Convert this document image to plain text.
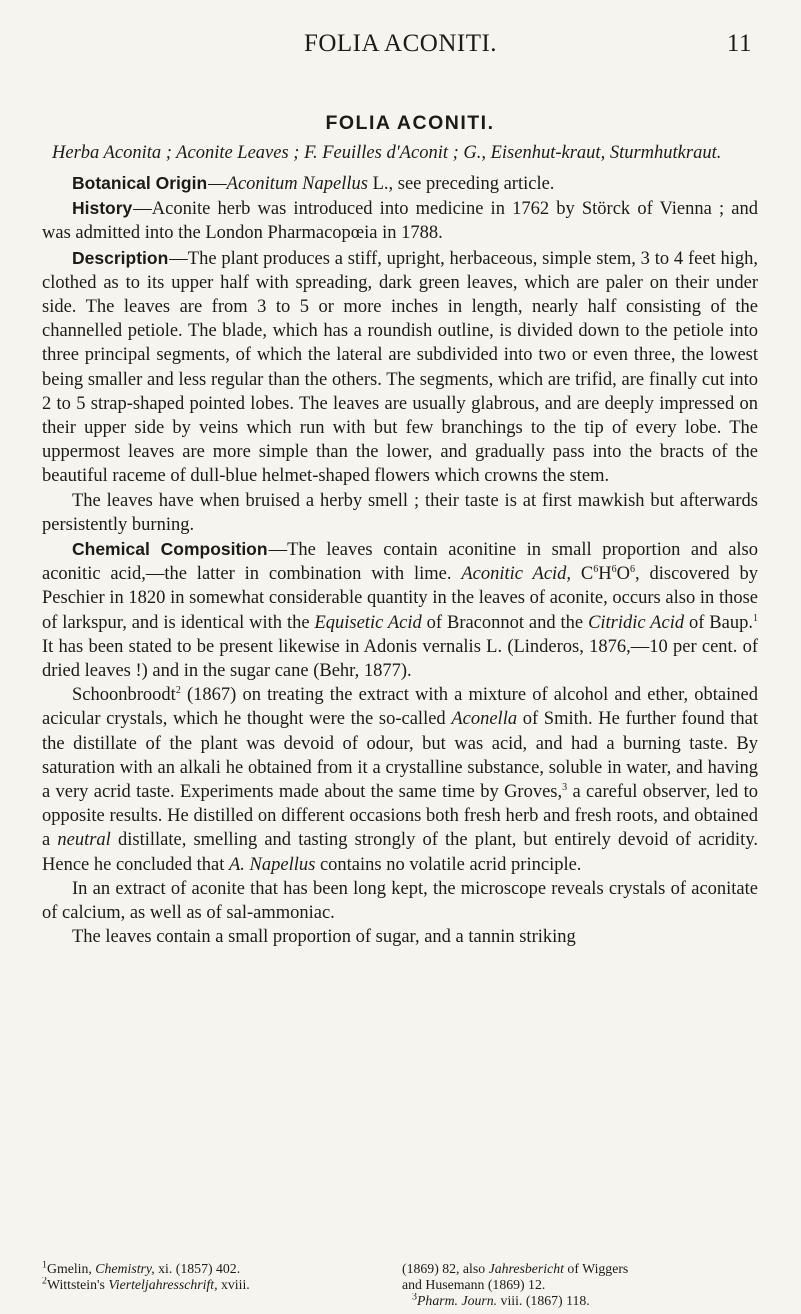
FOLIA ACONITI.	11
FOLIA ACONITI.
Herba Aconita ; Aconite Leaves ; F. Feuilles d'Aconit ; G., Eisenhut-kraut, Sturmhutkraut.

Botanical Origin—Aconitum Napellus L., see preceding article.

History—Aconite herb was introduced into medicine in 1762 by Störck of Vienna ; and was admitted into the London Pharmacopœia in 1788.

Description—The plant produces a stiff, upright, herbaceous, simple stem, 3 to 4 feet high, clothed as to its upper half with spreading, dark green leaves, which are paler on their under side. The leaves are from 3 to 5 or more inches in length, nearly half consisting of the channelled petiole. The blade, which has a roundish outline, is divided down to the petiole into three principal segments, of which the lateral are subdivided into two or even three, the lowest being smaller and less regular than the others. The segments, which are trifid, are finally cut into 2 to 5 strap-shaped pointed lobes. The leaves are usually glabrous, and are deeply impressed on their upper side by veins which run with but few branchings to the tip of every lobe. The uppermost leaves are more simple than the lower, and gradually pass into the bracts of the beautiful raceme of dull-blue helmet-shaped flowers which crowns the stem.

The leaves have when bruised a herby smell ; their taste is at first mawkish but afterwards persistently burning.

Chemical Composition—The leaves contain aconitine in small proportion and also aconitic acid,—the latter in combination with lime. Aconitic Acid, $C^6H^6O^6$, discovered by Peschier in 1820 in somewhat considerable quantity in the leaves of aconite, occurs also in those of larkspur, and is identical with the Equisetic Acid of Braconnot and the Citridic Acid of Baup.$^1$ It has been stated to be present likewise in Adonis vernalis L. (Linderos, 1876,—10 per cent. of dried leaves !) and in the sugar cane (Behr, 1877).

Schoonbroodt$^2$ (1867) on treating the extract with a mixture of alcohol and ether, obtained acicular crystals, which he thought were the so-called Aconella of Smith. He further found that the distillate of the plant was devoid of odour, but was acid, and had a burning taste. By saturation with an alkali he obtained from it a crystalline substance, soluble in water, and having a very acrid taste. Experiments made about the same time by Groves,$^3$ a careful observer, led to opposite results. He distilled on different occasions both fresh herb and fresh roots, and obtained a neutral distillate, smelling and tasting strongly of the plant, but entirely devoid of acridity. Hence he concluded that A. Napellus contains no volatile acrid principle.

In an extract of aconite that has been long kept, the microscope reveals crystals of aconitate of calcium, as well as of sal-ammoniac.

The leaves contain a small proportion of sugar, and a tannin striking

$^1$Gmelin, Chemistry, xi. (1857) 402.	(1869) 82, also Jahresbericht of Wiggers
$^2$Wittstein's Vierteljahresschrift, xviii.	and Husemann (1869) 12.
$^3$Pharm. Journ. viii. (1867) 118.
